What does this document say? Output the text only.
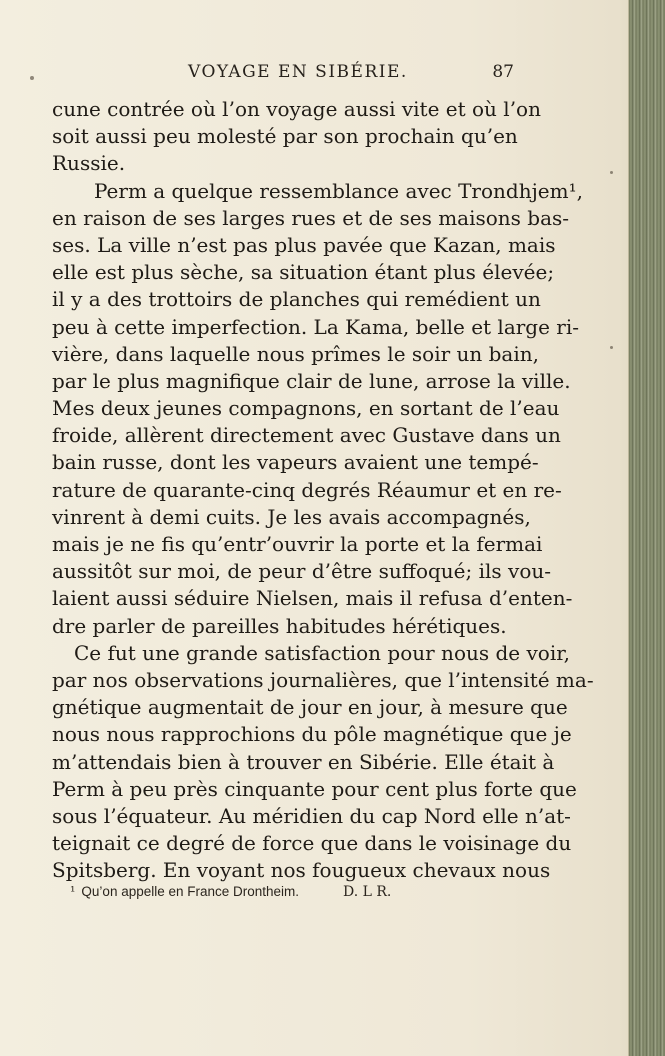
VOYAGE EN SIBÉRIE.	87
cune contrée où l’on voyage aussi vite et où l’on
soit aussi peu molesté par son prochain qu’en
Russie.
Perm a quelque ressemblance avec Trondhjem¹,
en raison de ses larges rues et de ses maisons bas-
ses. La ville n’est pas plus pavée que Kazan, mais
elle est plus sèche, sa situation étant plus élevée;
il y a des trottoirs de planches qui remédient un
peu à cette imperfection. La Kama, belle et large ri-
vière, dans laquelle nous prîmes le soir un bain,
par le plus magnifique clair de lune, arrose la ville.
Mes deux jeunes compagnons, en sortant de l’eau
froide, allèrent directement avec Gustave dans un
bain russe, dont les vapeurs avaient une tempé-
rature de quarante-cinq degrés Réaumur et en re-
vinrent à demi cuits. Je les avais accompagnés,
mais je ne fis qu’entr’ouvrir la porte et la fermai
aussitôt sur moi, de peur d’être suffoqué; ils vou-
laient aussi séduire Nielsen, mais il refusa d’enten-
dre parler de pareilles habitudes hérétiques.
Ce fut une grande satisfaction pour nous de voir,
par nos observations journalières, que l’intensité ma-
gnétique augmentait de jour en jour, à mesure que
nous nous rapprochions du pôle magnétique que je
m’attendais bien à trouver en Sibérie. Elle était à
Perm à peu près cinquante pour cent plus forte que
sous l’équateur. Au méridien du cap Nord elle n’at-
teignait ce degré de force que dans le voisinage du
Spitsberg. En voyant nos fougueux chevaux nous
¹ Qu’on appelle en France Drontheim.	D. L R.
